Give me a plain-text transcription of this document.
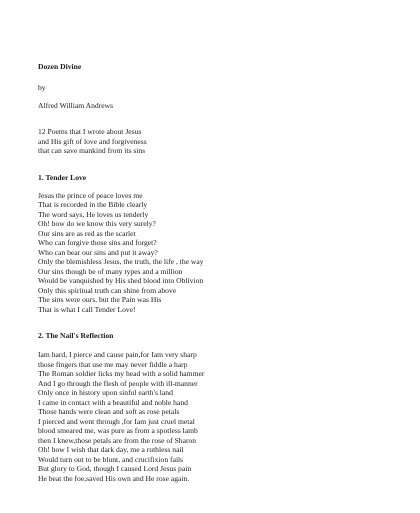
Dozen Divine
by
Alfred William Andrews
12 Poems that I wrote about Jesus
and His gift of love and forgiveness
that can save mankind from its sins
1. Tender Love
Jesus the prince of peace loves me
That is recorded in the Bible clearly
The word says, He loves us tenderly
Oh! how do we know this very surely?
Our sins are as red as the scarlet
Who can forgive those sins and forget?
Who can bear our sins and put it away?
Only the blemishless Jesus, the truth, the life , the way
Our sins though be of many types and a million
Would be vanquished by His shed blood into Oblivion
Only this spiritual truth can shine from above
The sins were ours, but the Pain was His
That is what I call Tender Love!
2. The Nail's Reflection
Iam hard, I pierce and cause pain,for Iam very sharp
those fingers that use me may never fiddle a harp
The Roman soldier licks my head with a solid hammer
And I go through the flesh of people with ill-manner
Only once in history upon sinful earth's land
I came in contact with a beautiful and noble hand
Those hands were clean and soft as rose petals
I pierced and went through ,for Iam just cruel metal
blood smeared me, was pure as from a spotless lamb
then I knew,those petals are from the rose of Sharon
Oh! how I wish that dark day, me a ruthless nail
Would turn out to be blunt, and crucifixion fails
But glory to God, though I caused Lord Jesus pain
He beat the foe,saved His own and He rose again.
